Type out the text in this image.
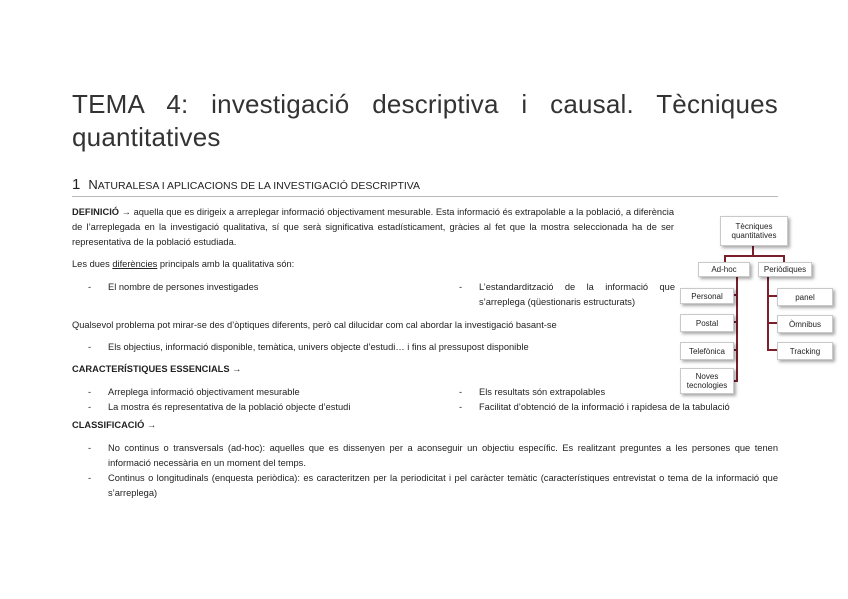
TEMA 4: investigació descriptiva i causal. Tècniques quantitatives
1 NATURALESA I APLICACIONS DE LA INVESTIGACIÓ DESCRIPTIVA

DEFINICIÓ → aquella que es dirigeix a arreplegar informació objectivament mesurable. Esta informació és extrapolable a la població, a diferència de l’arreplegada en la investigació qualitativa, sí que serà significativa estadísticament, gràcies al fet que la mostra seleccionada ha de ser representativa de la població estudiada.

Les dues diferències principals amb la qualitativa són:

- El nombre de persones investigades	- L’estandardització de la informació que s’arreplega (qüestionaris estructurats)

Qualsevol problema pot mirar-se des d’òptiques diferents, però cal dilucidar com cal abordar la investigació basant-se

- Els objectius, informació disponible, temàtica, univers objecte d’estudi… i fins al pressupost disponible

CARACTERÍSTIQUES ESSENCIALS →

- Arreplega informació objectivament mesurable
- La mostra és representativa de la població objecte d’estudi
- Els resultats són extrapolables
- Facilitat d’obtenció de la informació i rapidesa de la tabulació

CLASSIFICACIÓ →

- No continus o transversals (ad-hoc): aquelles que es dissenyen per a aconseguir un objectiu específic. Es realitzant preguntes a les persones que tenen informació necessària en un moment del temps.
- Continus o longitudinals (enquesta periòdica): es caracteritzen per la periodicitat i pel caràcter temàtic (característiques entrevistat o tema de la informació que s’arreplega)
Tècniques quantitatives
Ad-hoc	Periòdiques
Personal
Postal
Telefònica
Noves tecnologies
panel
Òmnibus
Tracking
